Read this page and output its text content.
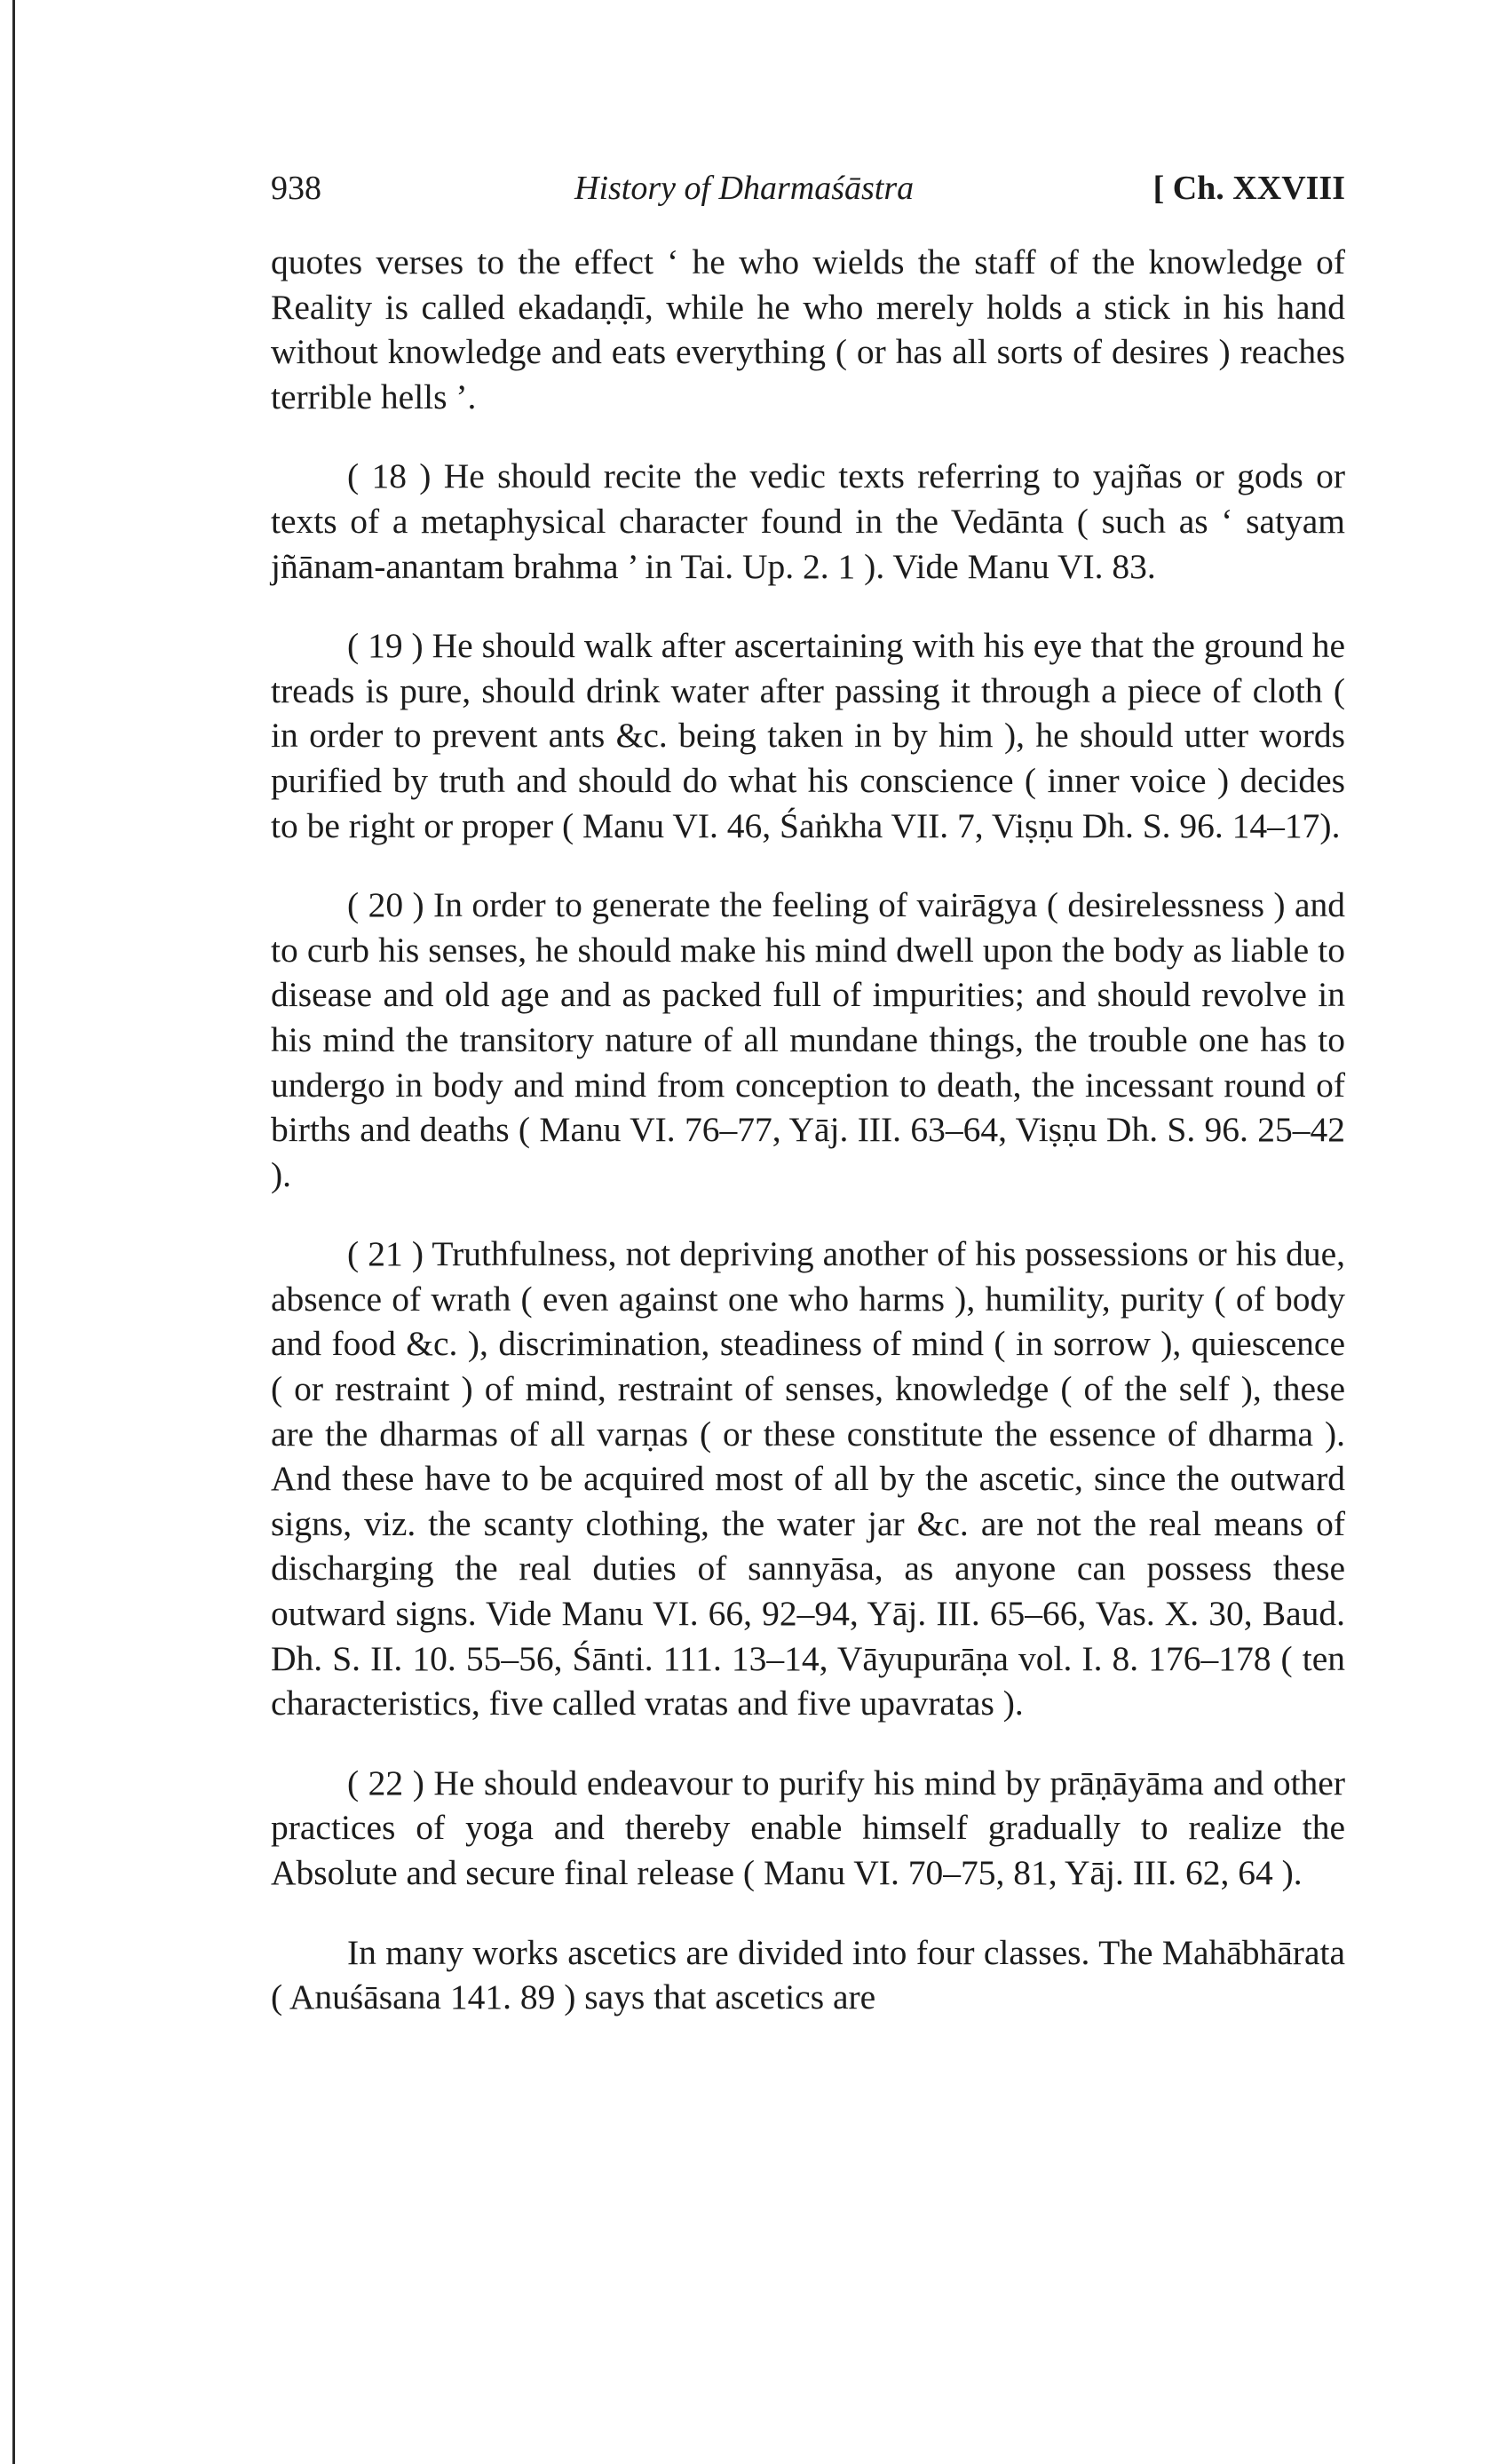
938	History of Dharmaśāstra	[ Ch. XXVIII

quotes verses to the effect ‘ he who wields the staff of the knowledge of Reality is called ekadaṇḍī, while he who merely holds a stick in his hand without knowledge and eats everything ( or has all sorts of desires ) reaches terrible hells ’.

( 18 ) He should recite the vedic texts referring to yajñas or gods or texts of a metaphysical character found in the Vedānta ( such as ‘ satyam jñānam-anantam brahma ’ in Tai. Up. 2. 1 ). Vide Manu VI. 83.

( 19 ) He should walk after ascertaining with his eye that the ground he treads is pure, should drink water after passing it through a piece of cloth ( in order to prevent ants &c. being taken in by him ), he should utter words purified by truth and should do what his conscience ( inner voice ) decides to be right or proper ( Manu VI. 46, Śaṅkha VII. 7, Viṣṇu Dh. S. 96. 14–17).

( 20 ) In order to generate the feeling of vairāgya ( desirelessness ) and to curb his senses, he should make his mind dwell upon the body as liable to disease and old age and as packed full of impurities; and should revolve in his mind the transitory nature of all mundane things, the trouble one has to undergo in body and mind from conception to death, the incessant round of births and deaths ( Manu VI. 76–77, Yāj. III. 63–64, Viṣṇu Dh. S. 96. 25–42 ).

( 21 ) Truthfulness, not depriving another of his possessions or his due, absence of wrath ( even against one who harms ), humility, purity ( of body and food &c. ), discrimination, steadiness of mind ( in sorrow ), quiescence ( or restraint ) of mind, restraint of senses, knowledge ( of the self ), these are the dharmas of all varṇas ( or these constitute the essence of dharma ). And these have to be acquired most of all by the ascetic, since the outward signs, viz. the scanty clothing, the water jar &c. are not the real means of discharging the real duties of sannyāsa, as anyone can possess these outward signs. Vide Manu VI. 66, 92–94, Yāj. III. 65–66, Vas. X. 30, Baud. Dh. S. II. 10. 55–56, Śānti. 111. 13–14, Vāyupurāṇa vol. I. 8. 176–178 ( ten characteristics, five called vratas and five upavratas ).

( 22 ) He should endeavour to purify his mind by prāṇāyāma and other practices of yoga and thereby enable himself gradually to realize the Absolute and secure final release ( Manu VI. 70–75, 81, Yāj. III. 62, 64 ).

In many works ascetics are divided into four classes. The Mahābhārata ( Anuśāsana 141. 89 ) says that ascetics are
